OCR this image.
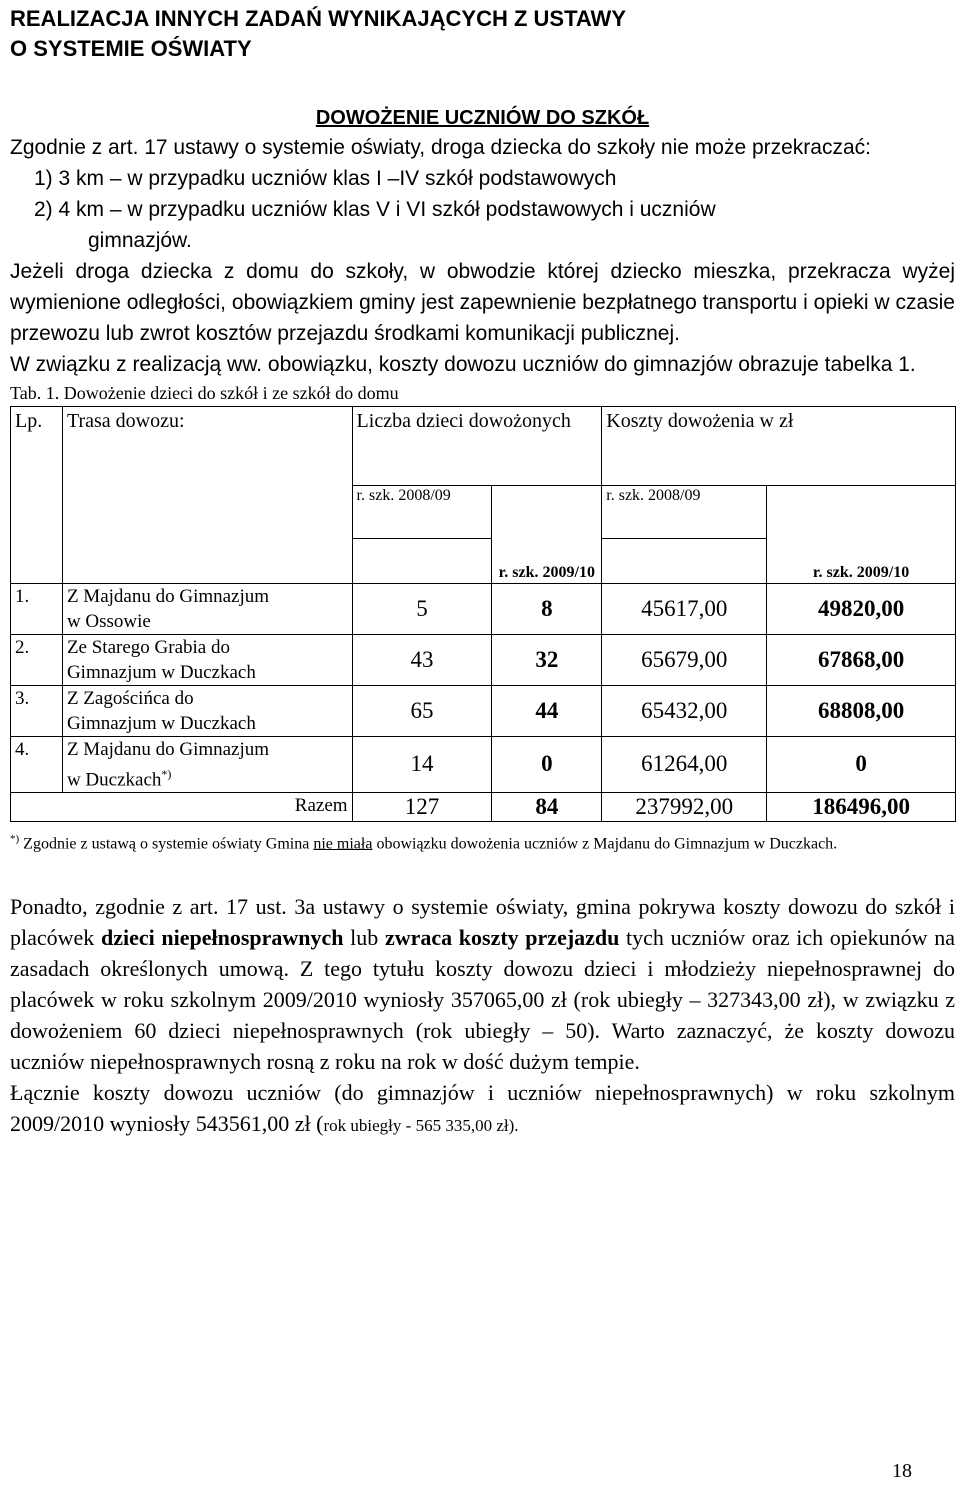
REALIZACJA INNYCH ZADAŃ WYNIKAJĄCYCH Z USTAWY
O SYSTEMIE OŚWIATY
DOWOŻENIE UCZNIÓW DO SZKÓŁ

Zgodnie z art. 17 ustawy o systemie oświaty, droga dziecka do szkoły nie może przekraczać:

1) 3 km – w przypadku uczniów klas I –IV szkół podstawowych

2) 4 km – w przypadku uczniów klas V i VI szkół podstawowych i uczniów

gimnazjów.

Jeżeli droga dziecka z domu do szkoły, w obwodzie której dziecko mieszka, przekracza wyżej wymienione odległości, obowiązkiem gminy jest zapewnienie bezpłatnego transportu i opieki w czasie przewozu lub zwrot kosztów przejazdu środkami komunikacji publicznej.

W związku z realizacją ww. obowiązku, koszty dowozu uczniów do gimnazjów obrazuje tabelka 1.

Tab. 1. Dowożenie dzieci do szkół i ze szkół do domu
Lp.	Trasa dowozu:	Liczba dzieci dowożonych		Koszty dowożenia w zł	
		r. szk. 2008/09		r. szk. 2008/09	
			r. szk. 2009/10		r. szk. 2009/10
1.	Z Majdanu do Gimnazjum
w Ossowie	5	8	45617,00	49820,00
2.	Ze Starego Grabia do
Gimnazjum w Duczkach	43	32	65679,00	67868,00
3.	Z Zagościńca do
Gimnazjum w Duczkach	65	44	65432,00	68808,00
4.	Z Majdanu do Gimnazjum
w Duczkach*)	14	0	61264,00	0
	Razem	127	84	237992,00	186496,00
*) Zgodnie z ustawą o systemie oświaty Gmina nie miała obowiązku dowożenia uczniów z Majdanu do Gimnazjum w Duczkach.

Ponadto, zgodnie z art. 17 ust. 3a ustawy o systemie oświaty, gmina pokrywa koszty dowozu do szkół i placówek dzieci niepełnosprawnych lub zwraca koszty przejazdu tych uczniów oraz ich opiekunów na zasadach określonych umową. Z tego tytułu koszty dowozu dzieci i młodzieży niepełnosprawnej do placówek w roku szkolnym 2009/2010 wyniosły 357065,00 zł (rok ubiegły – 327343,00 zł), w związku z dowożeniem 60 dzieci niepełnosprawnych (rok ubiegły – 50). Warto zaznaczyć, że koszty dowozu uczniów niepełnosprawnych rosną z roku na rok w dość dużym tempie.

Łącznie koszty dowozu uczniów (do gimnazjów i uczniów niepełnosprawnych) w roku szkolnym 2009/2010 wyniosły 543561,00 zł (rok ubiegły - 565 335,00 zł).

18
